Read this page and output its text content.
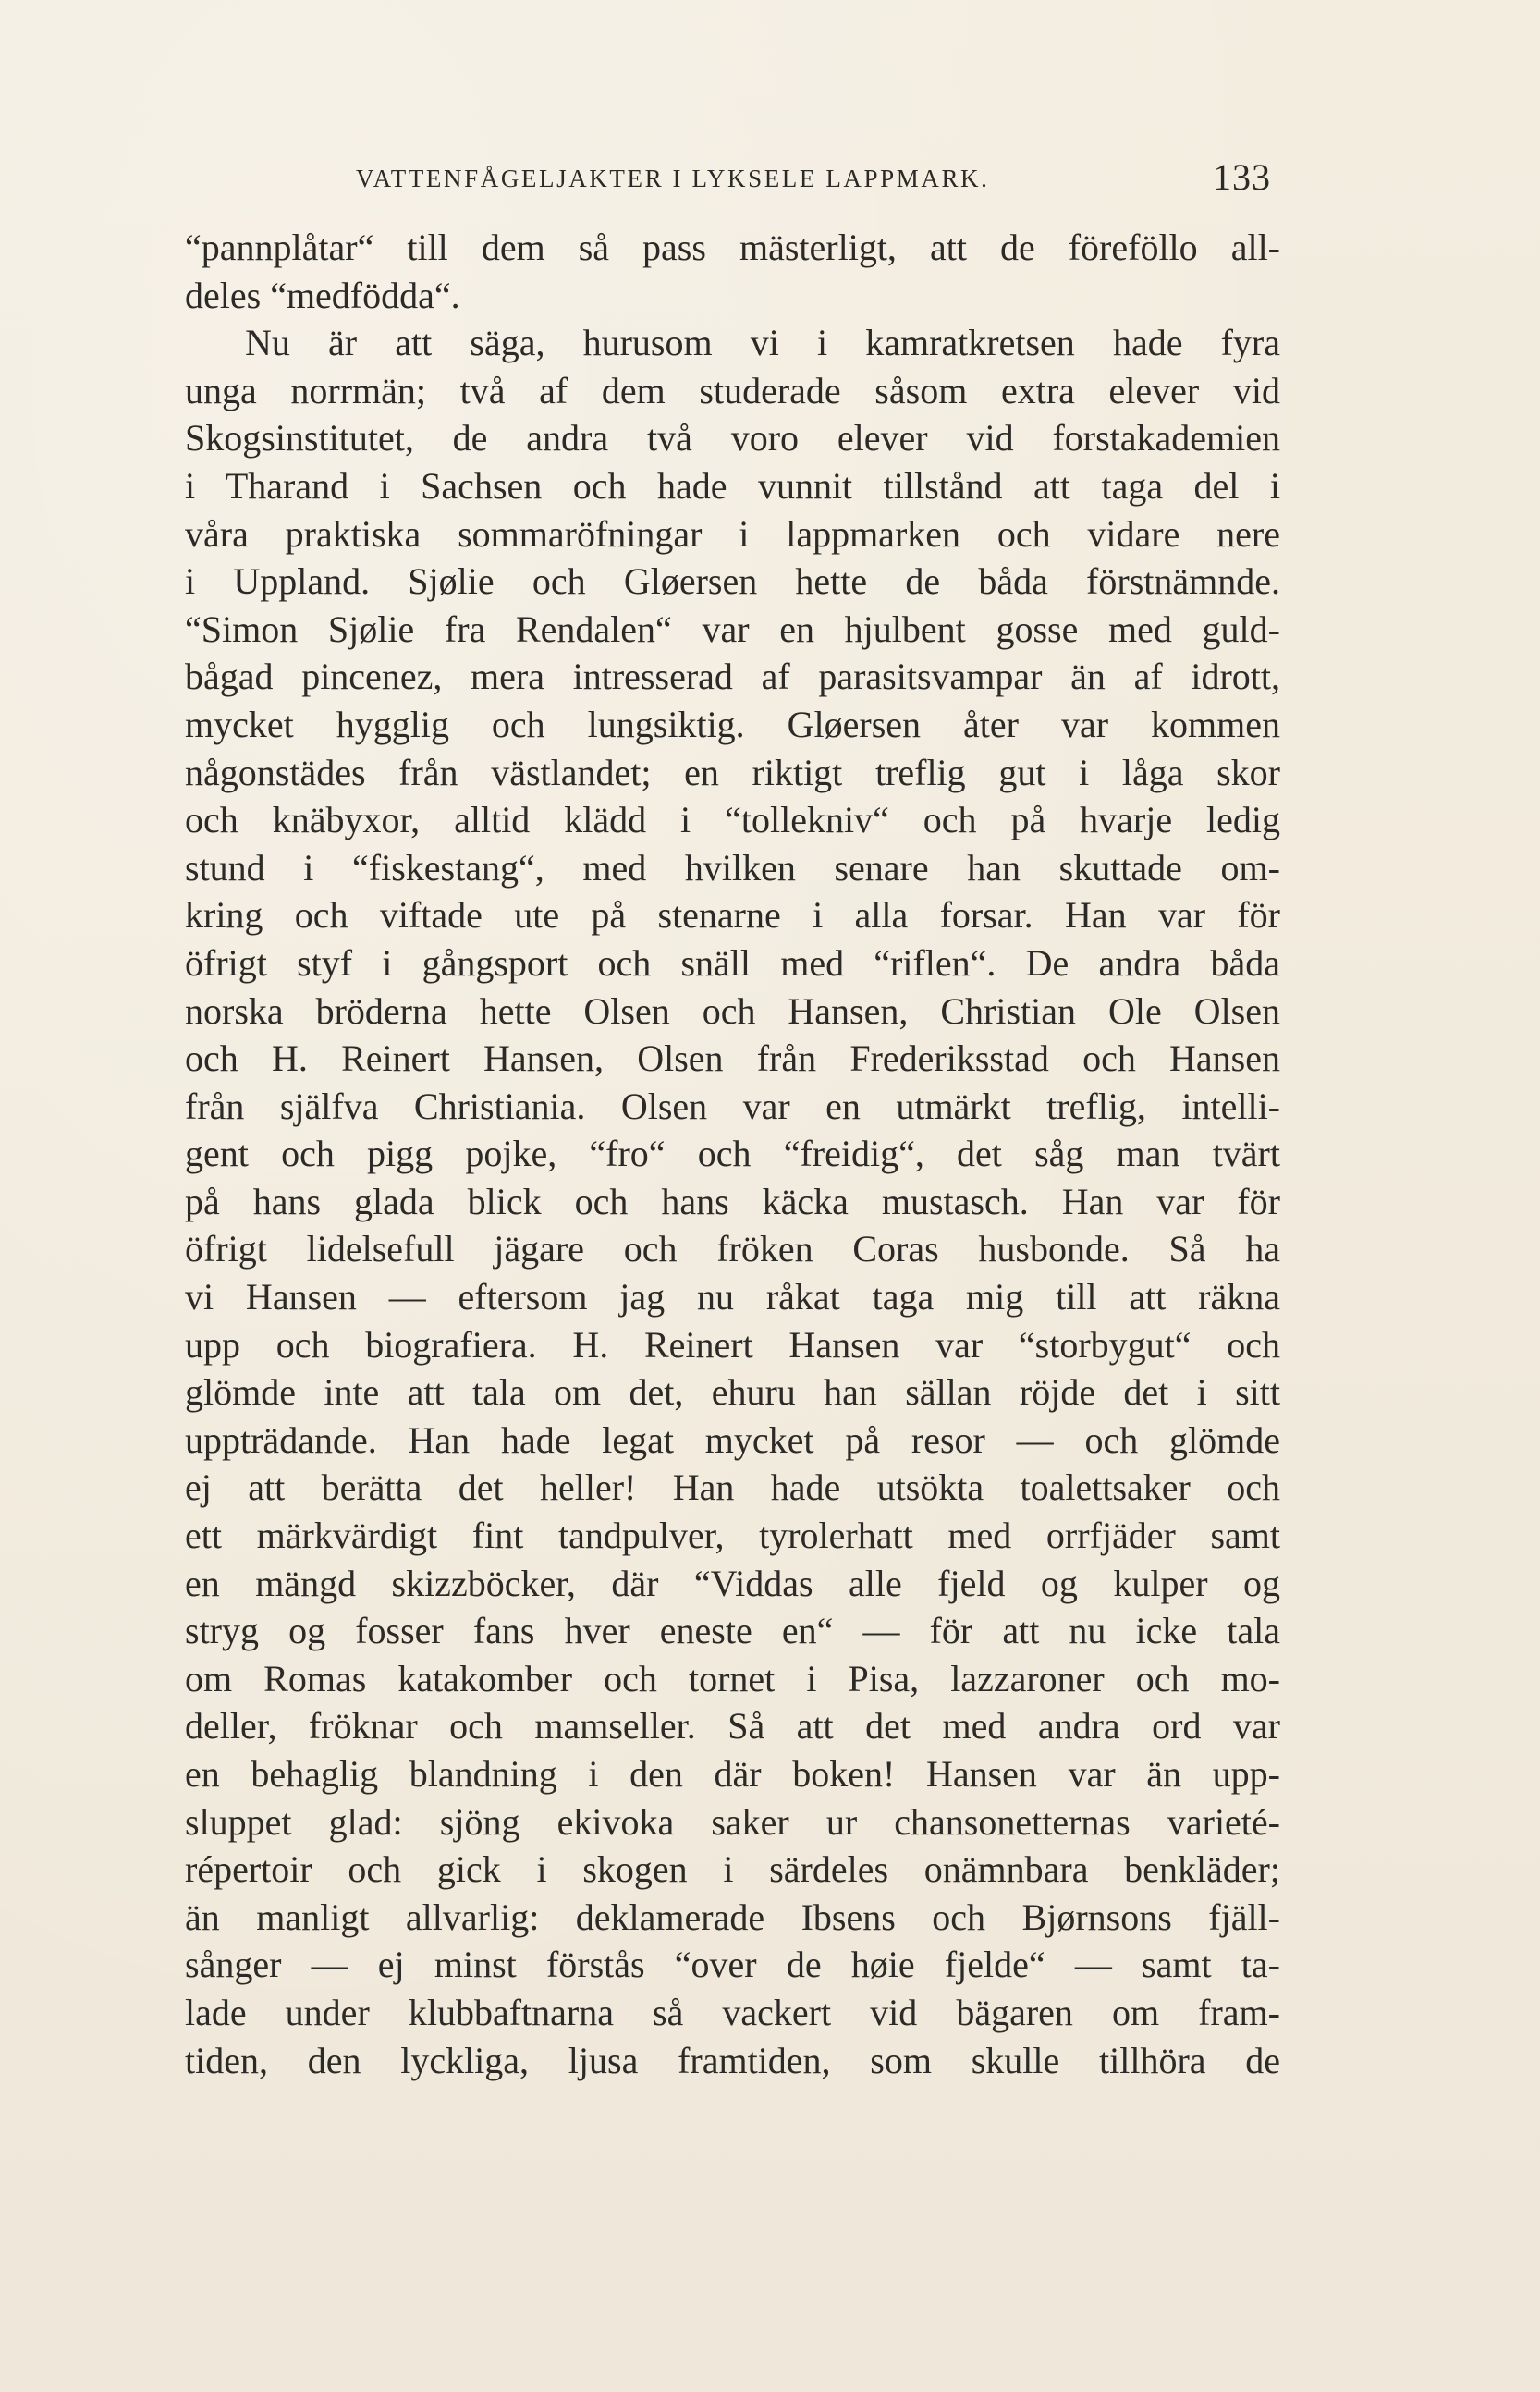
VATTENFÅGELJAKTER I LYKSELE LAPPMARK.	133
“pannplåtar“ till dem så pass mästerligt, att de föreföllo all-
deles “medfödda“.
Nu är att säga, hurusom vi i kamratkretsen hade fyra
unga norrmän; två af dem studerade såsom extra elever vid
Skogsinstitutet, de andra två voro elever vid forstakademien
i Tharand i Sachsen och hade vunnit tillstånd att taga del i
våra praktiska sommaröfningar i lappmarken och vidare nere
i Uppland. Sjølie och Gløersen hette de båda förstnämnde.
“Simon Sjølie fra Rendalen“ var en hjulbent gosse med guld-
bågad pincenez, mera intresserad af parasitsvampar än af idrott,
mycket hygglig och lungsiktig. Gløersen åter var kommen
någonstädes från västlandet; en riktigt treflig gut i låga skor
och knäbyxor, alltid klädd i “tollekniv“ och på hvarje ledig
stund i “fiskestang“, med hvilken senare han skuttade om-
kring och viftade ute på stenarne i alla forsar. Han var för
öfrigt styf i gångsport och snäll med “riflen“. De andra båda
norska bröderna hette Olsen och Hansen, Christian Ole Olsen
och H. Reinert Hansen, Olsen från Frederiksstad och Hansen
från själfva Christiania. Olsen var en utmärkt treflig, intelli-
gent och pigg pojke, “fro“ och “freidig“, det såg man tvärt
på hans glada blick och hans käcka mustasch. Han var för
öfrigt lidelsefull jägare och fröken Coras husbonde. Så ha
vi Hansen — eftersom jag nu råkat taga mig till att räkna
upp och biografiera. H. Reinert Hansen var “storbygut“ och
glömde inte att tala om det, ehuru han sällan röjde det i sitt
uppträdande. Han hade legat mycket på resor — och glömde
ej att berätta det heller! Han hade utsökta toalettsaker och
ett märkvärdigt fint tandpulver, tyrolerhatt med orrfjäder samt
en mängd skizzböcker, där “Viddas alle fjeld og kulper og
stryg og fosser fans hver eneste en“ — för att nu icke tala
om Romas katakomber och tornet i Pisa, lazzaroner och mo-
deller, fröknar och mamseller. Så att det med andra ord var
en behaglig blandning i den där boken! Hansen var än upp-
sluppet glad: sjöng ekivoka saker ur chansonetternas varieté-
répertoir och gick i skogen i särdeles onämnbara benkläder;
än manligt allvarlig: deklamerade Ibsens och Bjørnsons fjäll-
sånger — ej minst förstås “over de høie fjelde“ — samt ta-
lade under klubbaftnarna så vackert vid bägaren om fram-
tiden, den lyckliga, ljusa framtiden, som skulle tillhöra de
